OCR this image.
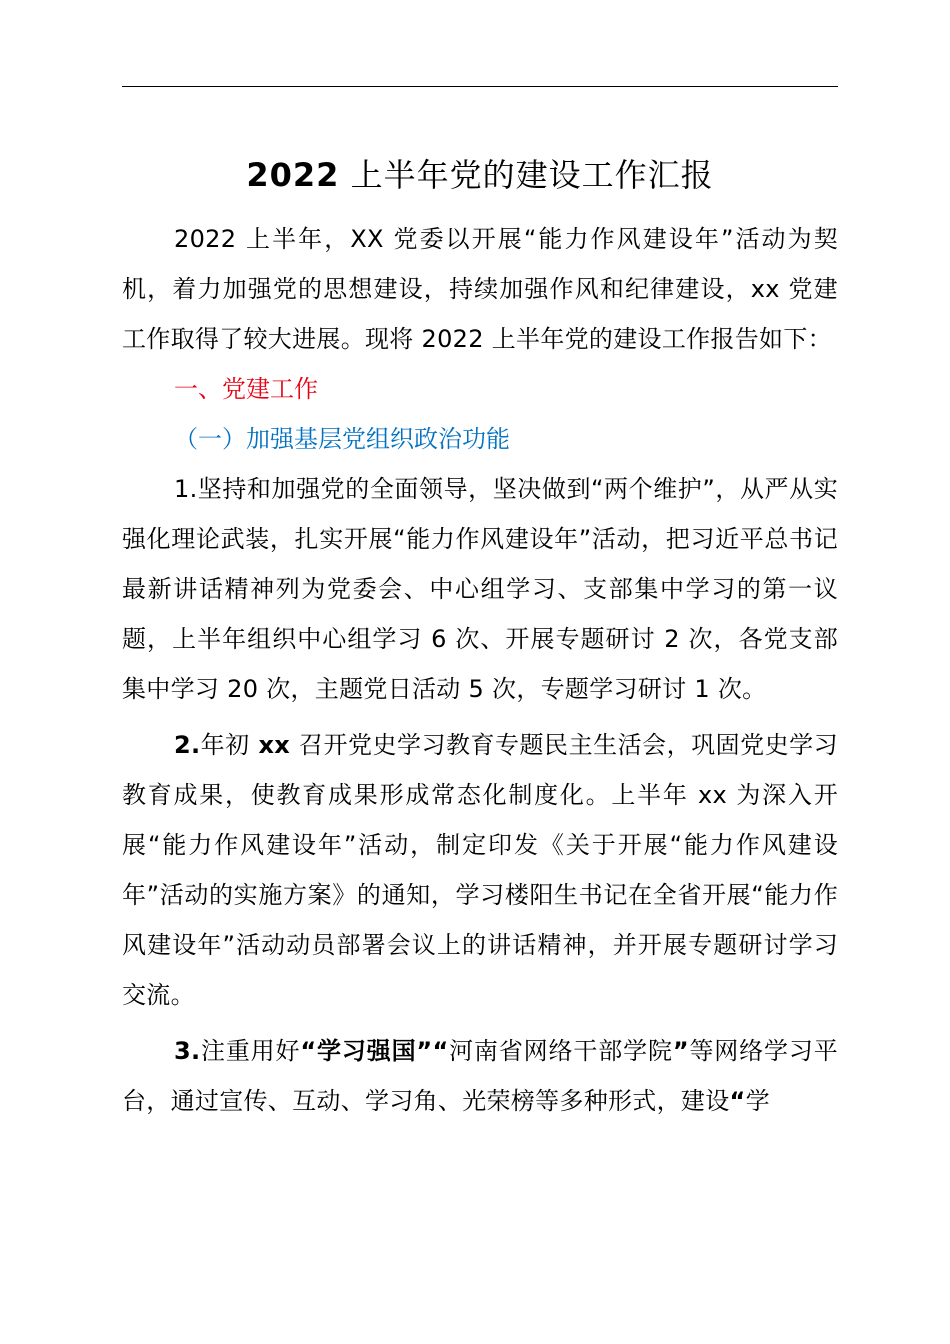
2022 上半年党的建设工作汇报

2022 上半年，XX 党委以开展“能力作风建设年”活动为契机，着力加强党的思想建设，持续加强作风和纪律建设，xx 党建工作取得了较大进展。现将 2022 上半年党的建设工作报告如下：

一、党建工作
（一）加强基层党组织政治功能

1.坚持和加强党的全面领导，坚决做到“两个维护”，从严从实强化理论武装，扎实开展“能力作风建设年”活动，把习近平总书记最新讲话精神列为党委会、中心组学习、支部集中学习的第一议题，上半年组织中心组学习 6 次、开展专题研讨 2 次，各党支部集中学习 20 次，主题党日活动 5 次，专题学习研讨 1 次。

2.年初 xx 召开党史学习教育专题民主生活会，巩固党史学习教育成果，使教育成果形成常态化制度化。上半年 xx 为深入开展“能力作风建设年”活动，制定印发《关于开展“能力作风建设年”活动的实施方案》的通知，学习楼阳生书记在全省开展“能力作风建设年”活动动员部署会议上的讲话精神，并开展专题研讨学习交流。

3.注重用好“学习强国”“河南省网络干部学院”等网络学习平台，通过宣传、互动、学习角、光荣榜等多种形式，建设“学
